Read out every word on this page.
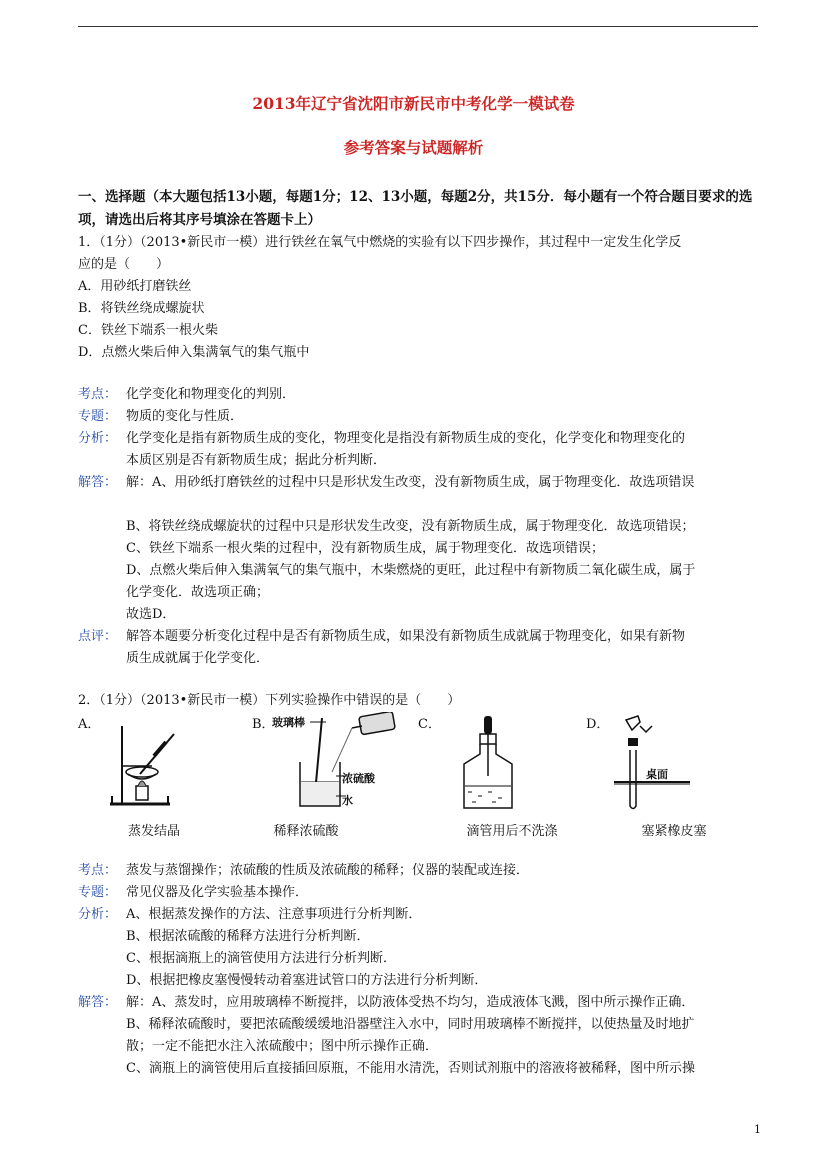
2013年辽宁省沈阳市新民市中考化学一模试卷
参考答案与试题解析
一、选择题（本大题包括13小题，每题1分；12、13小题，每题2分，共15分．每小题有一个符合题目要求的选项，请选出后将其序号填涂在答题卡上）
1．（1分）（2013•新民市一模）进行铁丝在氧气中燃烧的实验有以下四步操作，其过程中一定发生化学反
应的是（　　）
A．用砂纸打磨铁丝
B．将铁丝绕成螺旋状
C．铁丝下端系一根火柴
D．点燃火柴后伸入集满氧气的集气瓶中
考点： 化学变化和物理变化的判别．
专题： 物质的变化与性质．
分析： 化学变化是指有新物质生成的变化，物理变化是指没有新物质生成的变化，化学变化和物理变化的
本质区别是否有新物质生成；据此分析判断．
解答： 解：A、用砂纸打磨铁丝的过程中只是形状发生改变，没有新物质生成，属于物理变化．故选项错误
B、将铁丝绕成螺旋状的过程中只是形状发生改变，没有新物质生成，属于物理变化．故选项错误；
C、铁丝下端系一根火柴的过程中，没有新物质生成，属于物理变化．故选项错误；
D、点燃火柴后伸入集满氧气的集气瓶中，木柴燃烧的更旺，此过程中有新物质二氧化碳生成，属于
化学变化．故选项正确；
故选D．
点评： 解答本题要分析变化过程中是否有新物质生成，如果没有新物质生成就属于物理变化，如果有新物
质生成就属于化学变化．
2．（1分）（2013•新民市一模）下列实验操作中错误的是（　　）
A．	B．	C．	D．
玻璃棒
水
浓硫酸	桌面
蒸发结晶	稀释浓硫酸	滴管用后不洗涤	塞紧橡皮塞
考点： 蒸发与蒸馏操作；浓硫酸的性质及浓硫酸的稀释；仪器的装配或连接．
专题： 常见仪器及化学实验基本操作．
分析： A、根据蒸发操作的方法、注意事项进行分析判断．
B、根据浓硫酸的稀释方法进行分析判断．
C、根据滴瓶上的滴管使用方法进行分析判断．
D、根据把橡皮塞慢慢转动着塞进试管口的方法进行分析判断．
解答： 解：A、蒸发时，应用玻璃棒不断搅拌，以防液体受热不均匀，造成液体飞溅，图中所示操作正确．
B、稀释浓硫酸时，要把浓硫酸缓缓地沿器壁注入水中，同时用玻璃棒不断搅拌，以使热量及时地扩
散；一定不能把水注入浓硫酸中；图中所示操作正确．
C、滴瓶上的滴管使用后直接插回原瓶，不能用水清洗，否则试剂瓶中的溶液将被稀释，图中所示操
1
